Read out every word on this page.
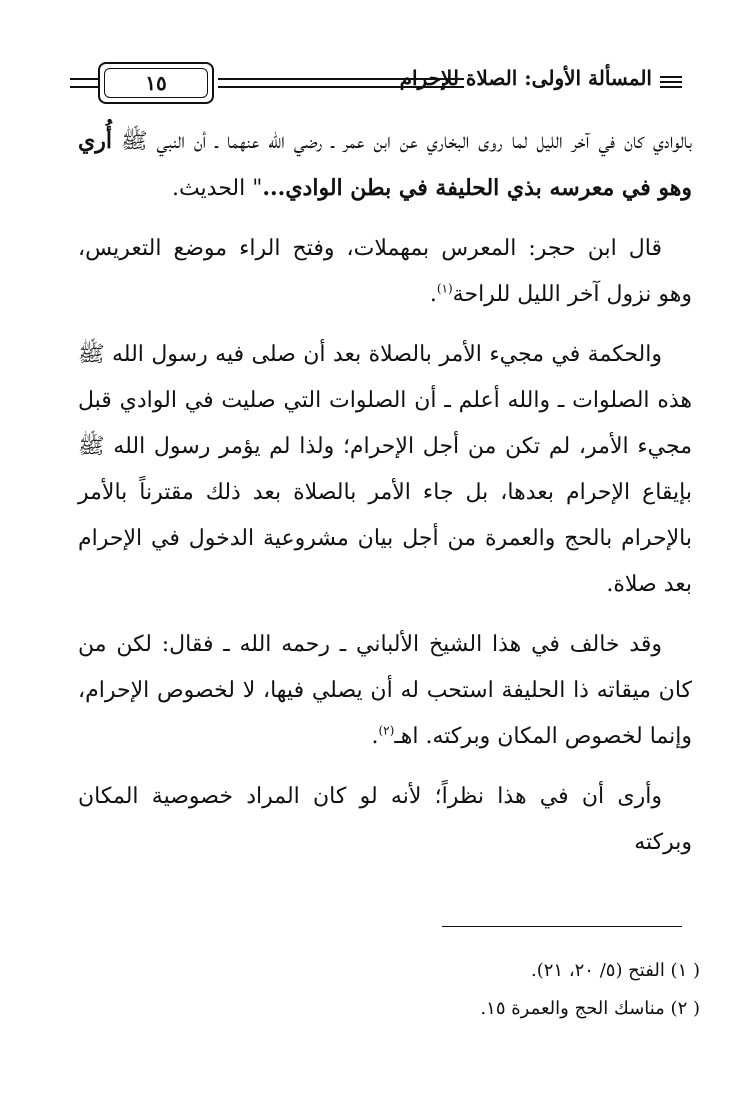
١٥	المسألة الأولى: الصلاة للإحرام

بالوادي كان في آخر الليل لما روى البخاري عن ابن عمر ـ رضي الله عنهما ـ أن النبي ﷺ أُري وهو في معرسه بذي الحليفة في بطن الوادي..." الحديث.

قال ابن حجر: المعرس بمهملات، وفتح الراء موضع التعريس، وهو نزول آخر الليل للراحة$^{(١)}$.

والحكمة في مجيء الأمر بالصلاة بعد أن صلى فيه رسول الله ﷺ هذه الصلوات ـ والله أعلم ـ أن الصلوات التي صليت في الوادي قبل مجيء الأمر، لم تكن من أجل الإحرام؛ ولذا لم يؤمر رسول الله ﷺ بإيقاع الإحرام بعدها، بل جاء الأمر بالصلاة بعد ذلك مقترناً بالأمر بالإحرام بالحج والعمرة من أجل بيان مشروعية الدخول في الإحرام بعد صلاة.

وقد خالف في هذا الشيخ الألباني ـ رحمه الله ـ فقال: لكن من كان ميقاته ذا الحليفة استحب له أن يصلي فيها، لا لخصوص الإحرام، وإنما لخصوص المكان وبركته. اهـ$^{(٢)}$.

وأرى أن في هذا نظراً؛ لأنه لو كان المراد خصوصية المكان وبركته

( ١) الفتح (٥/ ٢٠، ٢١).
( ٢) مناسك الحج والعمرة ١٥.
